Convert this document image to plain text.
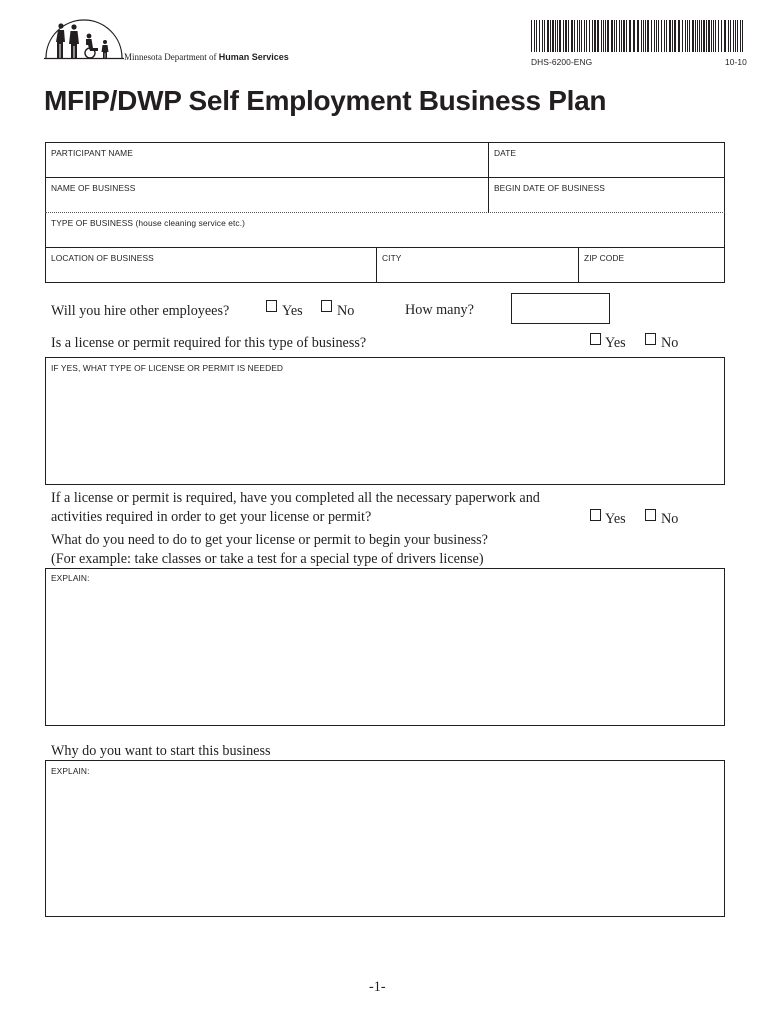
Minnesota Department of Human Services	DHS-6200-ENG	10-10
MFIP/DWP Self Employment Business Plan
PARTICIPANT NAME	DATE
NAME OF BUSINESS	BEGIN DATE OF BUSINESS
TYPE OF BUSINESS (house cleaning service etc.)
LOCATION OF BUSINESS	CITY	ZIP CODE
Will you hire other employees?	Yes No	How many?
Is a license or permit required for this type of business?	Yes No
IF YES, WHAT TYPE OF LICENSE OR PERMIT IS NEEDED
If a license or permit is required, have you completed all the necessary paperwork and
activities required in order to get your license or permit?	Yes No
What do you need to do to get your license or permit to begin your business?
(For example: take classes or take a test for a special type of drivers license)
EXPLAIN:
Why do you want to start this business
EXPLAIN:
-1-
